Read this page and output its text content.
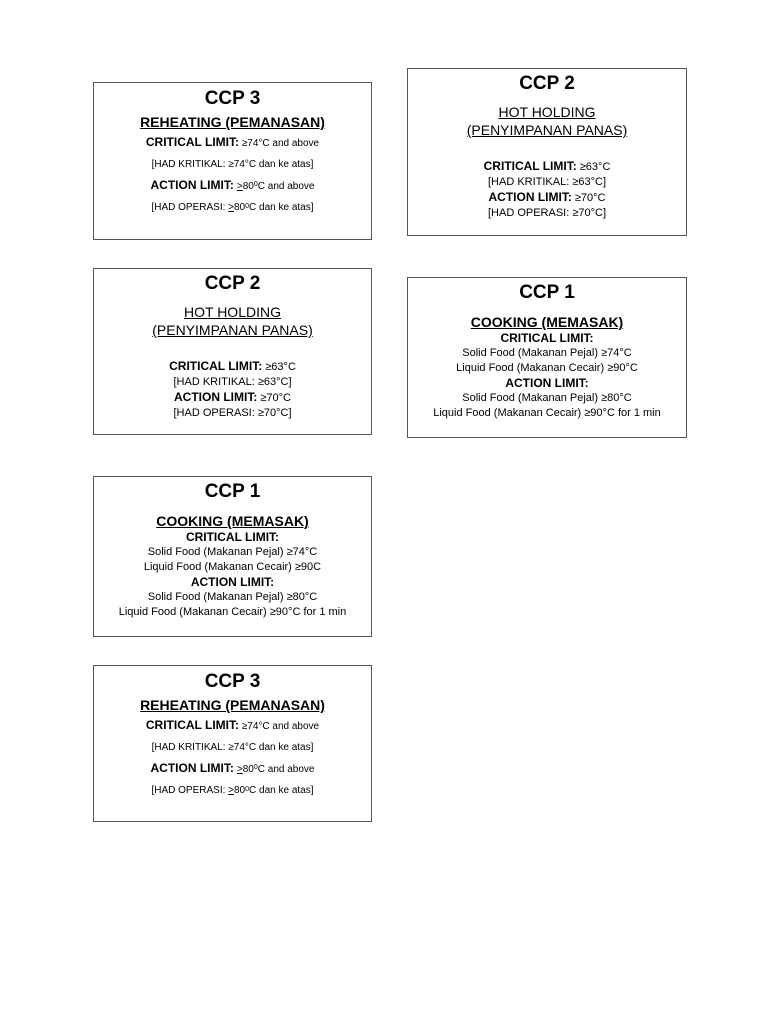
CCP 3
REHEATING (PEMANASAN)
CRITICAL LIMIT: ≥74°C and above
[HAD KRITIKAL: ≥74°C dan ke atas]
ACTION LIMIT: $>80^0C$ and above
[HAD OPERASI: $>80^0C$ dan ke atas]
CCP 2
HOT HOLDING
(PENYIMPANAN PANAS)
CRITICAL LIMIT: ≥63°C
[HAD KRITIKAL: ≥63°C]
ACTION LIMIT: ≥70°C
[HAD OPERASI: ≥70°C]
CCP 2
HOT HOLDING
(PENYIMPANAN PANAS)
CRITICAL LIMIT: ≥63°C
[HAD KRITIKAL: ≥63°C]
ACTION LIMIT: ≥70°C
[HAD OPERASI: ≥70°C]
CCP 1
COOKING (MEMASAK)
CRITICAL LIMIT:
Solid Food (Makanan Pejal) ≥74°C
Liquid Food (Makanan Cecair) ≥90°C
ACTION LIMIT:
Solid Food (Makanan Pejal) ≥80°C
Liquid Food (Makanan Cecair) ≥90°C for 1 min
CCP 1
COOKING (MEMASAK)
CRITICAL LIMIT:
Solid Food (Makanan Pejal) ≥74°C
Liquid Food (Makanan Cecair) ≥90C
ACTION LIMIT:
Solid Food (Makanan Pejal) ≥80°C
Liquid Food (Makanan Cecair) ≥90°C for 1 min
CCP 3
REHEATING (PEMANASAN)
CRITICAL LIMIT: ≥74°C and above
[HAD KRITIKAL: ≥74°C dan ke atas]
ACTION LIMIT: $>80^0C$ and above
[HAD OPERASI: $>80^0C$ dan ke atas]
